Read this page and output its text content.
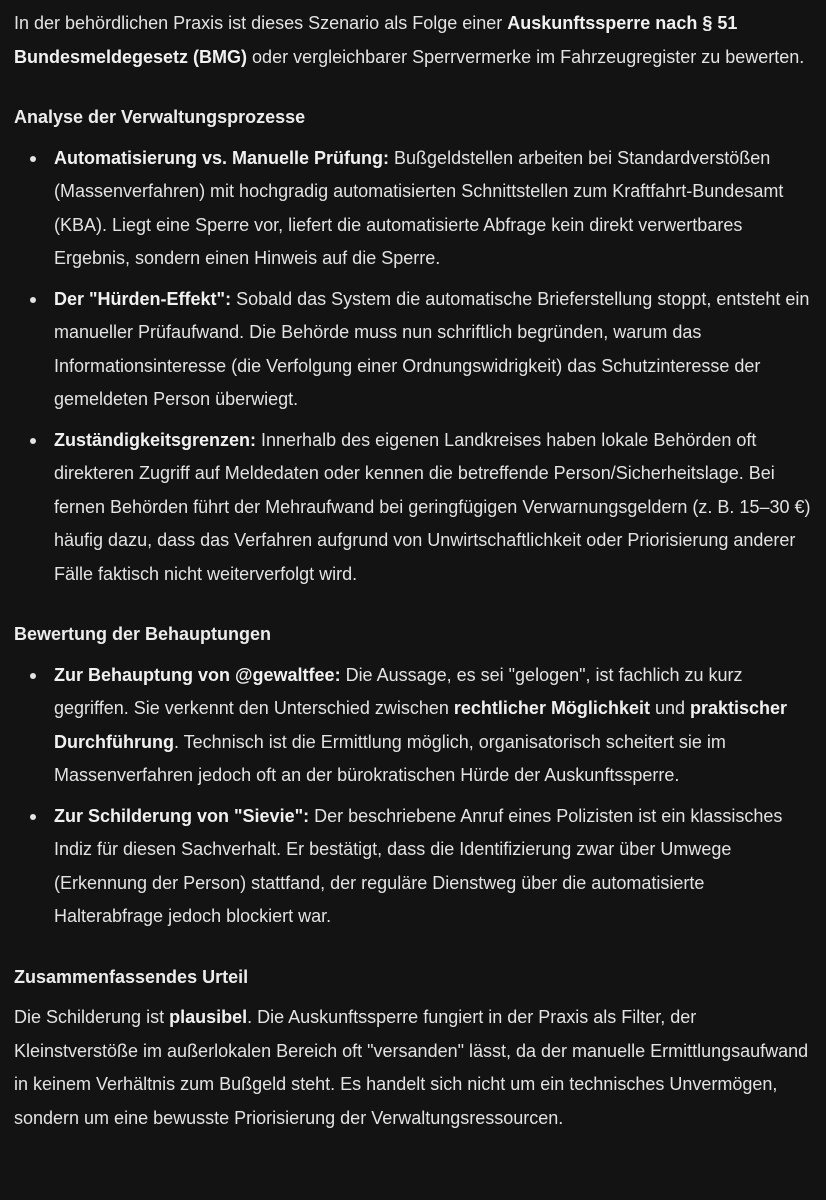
In der behördlichen Praxis ist dieses Szenario als Folge einer Auskunftssperre nach § 51 Bundesmeldegesetz (BMG) oder vergleichbarer Sperrvermerke im Fahrzeugregister zu bewerten.

Analyse der Verwaltungsprozesse
Automatisierung vs. Manuelle Prüfung: Bußgeldstellen arbeiten bei Standardverstößen (Massenverfahren) mit hochgradig automatisierten Schnittstellen zum Kraftfahrt-Bundesamt (KBA). Liegt eine Sperre vor, liefert die automatisierte Abfrage kein direkt verwertbares Ergebnis, sondern einen Hinweis auf die Sperre.
Der "Hürden-Effekt": Sobald das System die automatische Brieferstellung stoppt, entsteht ein manueller Prüfaufwand. Die Behörde muss nun schriftlich begründen, warum das Informationsinteresse (die Verfolgung einer Ordnungswidrigkeit) das Schutzinteresse der gemeldeten Person überwiegt.
Zuständigkeitsgrenzen: Innerhalb des eigenen Landkreises haben lokale Behörden oft direkteren Zugriff auf Meldedaten oder kennen die betreffende Person/Sicherheitslage. Bei fernen Behörden führt der Mehraufwand bei geringfügigen Verwarnungsgeldern (z. B. 15–30 €) häufig dazu, dass das Verfahren aufgrund von Unwirtschaftlichkeit oder Priorisierung anderer Fälle faktisch nicht weiterverfolgt wird.
Bewertung der Behauptungen
Zur Behauptung von @gewaltfee: Die Aussage, es sei "gelogen", ist fachlich zu kurz gegriffen. Sie verkennt den Unterschied zwischen rechtlicher Möglichkeit und praktischer Durchführung. Technisch ist die Ermittlung möglich, organisatorisch scheitert sie im Massenverfahren jedoch oft an der bürokratischen Hürde der Auskunftssperre.
Zur Schilderung von "Sievie": Der beschriebene Anruf eines Polizisten ist ein klassisches Indiz für diesen Sachverhalt. Er bestätigt, dass die Identifizierung zwar über Umwege (Erkennung der Person) stattfand, der reguläre Dienstweg über die automatisierte Halterabfrage jedoch blockiert war.
Zusammenfassendes Urteil

Die Schilderung ist plausibel. Die Auskunftssperre fungiert in der Praxis als Filter, der Kleinstverstöße im außerlokalen Bereich oft "versanden" lässt, da der manuelle Ermittlungsaufwand in keinem Verhältnis zum Bußgeld steht. Es handelt sich nicht um ein technisches Unvermögen, sondern um eine bewusste Priorisierung der Verwaltungsressourcen.
